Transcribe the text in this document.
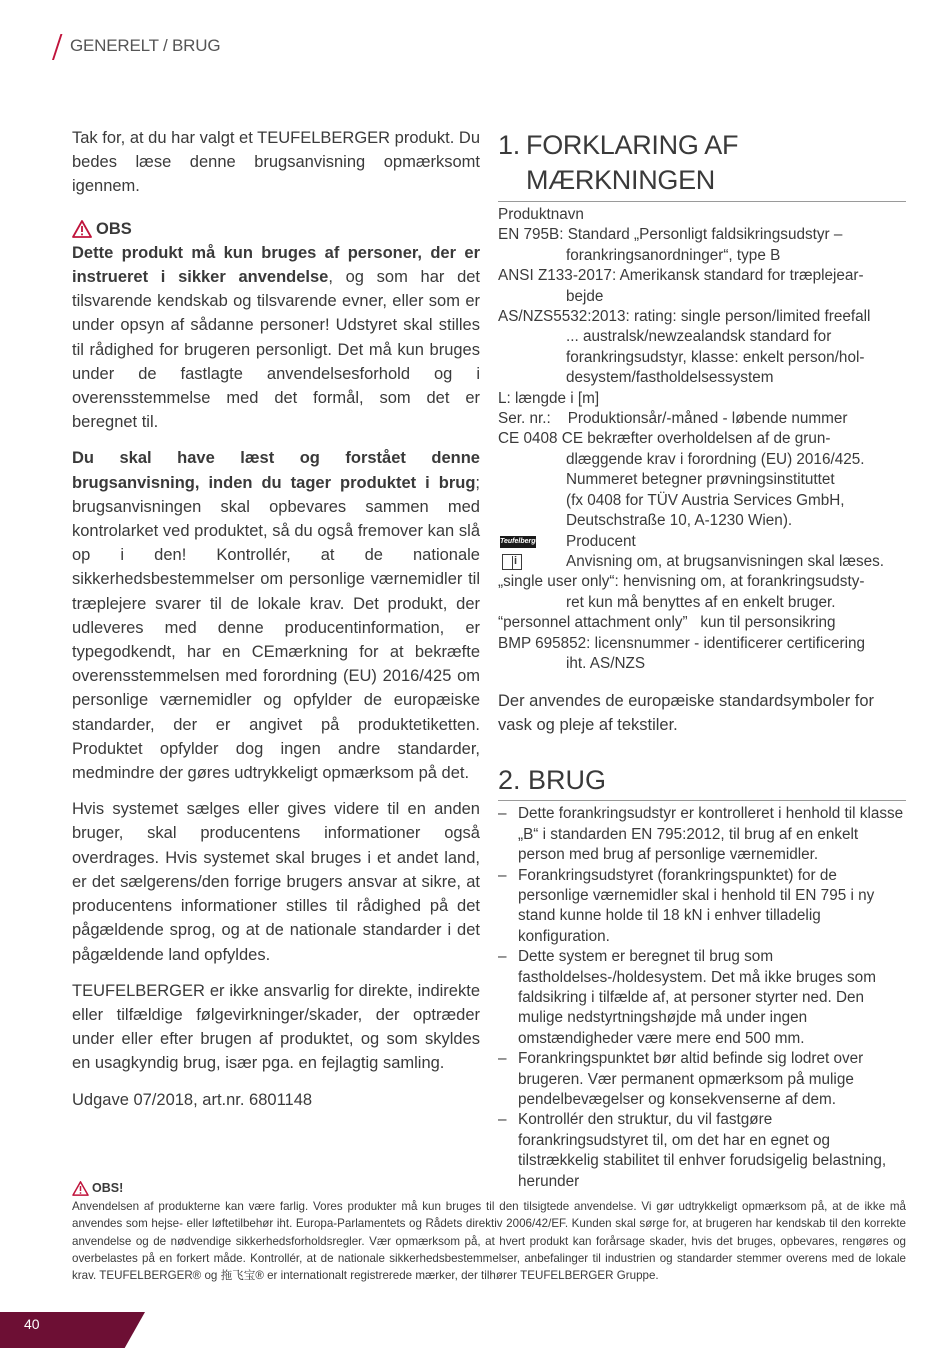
GENERELT / BRUG

Tak for, at du har valgt et TEUFELBERGER produkt. Du bedes læse denne brugsanvisning opmærksomt igennem.

OBS

Dette produkt må kun bruges af personer, der er instrueret i sikker anvendelse, og som har det tilsvarende kendskab og tilsvarende evner, eller som er under opsyn af sådanne personer! Udstyret skal stilles til rådighed for brugeren personligt. Det må kun bruges under de fastlagte anvendelsesforhold og i overensstemmelse med det formål, som det er beregnet til.

Du skal have læst og forstået denne brugsanvisning, inden du tager produktet i brug; brugsanvisningen skal opbevares sammen med kontrolarket ved produktet, så du også fremover kan slå op i den! Kontrollér, at de nationale sikkerhedsbestemmelser om personlige værnemidler til træplejere svarer til de lokale krav. Det produkt, der udleveres med denne producentinformation, er typegodkendt, har en CEmærkning for at bekræfte overensstemmelsen med forordning (EU) 2016/425 om personlige værnemidler og opfylder de europæiske standarder, der er angivet på produktetiketten. Produktet opfylder dog ingen andre standarder, medmindre der gøres udtrykkeligt opmærksom på det.

Hvis systemet sælges eller gives videre til en anden bruger, skal producentens informationer også overdrages. Hvis systemet skal bruges i et andet land, er det sælgerens/den forrige brugers ansvar at sikre, at producentens informationer stilles til rådighed på det pågældende sprog, og at de nationale standarder i det pågældende land opfyldes.

TEUFELBERGER er ikke ansvarlig for direkte, indirekte eller tilfældige følgevirkninger/skader, der optræder under eller efter brugen af produktet, og som skyldes en usagkyndig brug, især pga. en fejlagtig samling.

Udgave 07/2018, art.nr. 6801148

1. FORKLARING AF
MÆRKNINGEN
Produktnavn
EN 795B: Standard „Personligt faldsikringsudstyr –
forankringsanordninger“, type B
ANSI Z133-2017: Amerikansk standard for træplejear-
bejde
AS/NZS5532:2013: rating: single person/limited freefall
... australsk/newzealandsk standard for
forankringsudstyr, klasse: enkelt person/hol-
desystem/fastholdelsessystem
L: længde i [m]
Ser. nr.:    Produktionsår/-måned - løbende nummer
CE 0408 CE bekræfter overholdelsen af de grun-
dlæggende krav i forordning (EU) 2016/425.
Nummeret betegner prøvningsinstituttet
(fx 0408 for TÜV Austria Services GmbH,
Deutschstraße 10, A-1230 Wien).
Teufelberger Producent
i
Anvisning om, at brugsanvisningen skal læses.
„single user only“: henvisning om, at forankringsudsty-
ret kun må benyttes af en enkelt bruger.
“personnel attachment only”   kun til personsikring
BMP 695852: licensnummer - identificerer certificering
iht. AS/NZS

Der anvendes de europæiske standardsymboler for vask og pleje af tekstiler.

2. BRUG
– Dette forankringsudstyr er kontrolleret i henhold til klasse „B“ i standarden EN 795:2012, til brug af en enkelt person med brug af personlige værnemidler.
– Forankringsudstyret (forankringspunktet) for de personlige værnemidler skal i henhold til EN 795 i ny stand kunne holde til 18 kN i enhver tilladelig konfiguration.
– Dette system er beregnet til brug som fastholdelses-/holdesystem. Det må ikke bruges som faldsikring i tilfælde af, at personer styrter ned. Den mulige nedstyrtningshøjde må under ingen omstændigheder være mere end 500 mm.
– Forankringspunktet bør altid befinde sig lodret over brugeren. Vær permanent opmærksom på mulige pendelbevægelser og konsekvenserne af dem.
– Kontrollér den struktur, du vil fastgøre forankringsudstyret til, om det har en egnet og tilstrækkelig stabilitet til enhver forudsigelig belastning, herunder
OBS!
Anvendelsen af produkterne kan være farlig. Vores produkter må kun bruges til den tilsigtede anvendelse. Vi gør udtrykkeligt opmærksom på, at de ikke må anvendes som hejse- eller løftetilbehør iht. Europa-Parlamentets og Rådets direktiv 2006/42/EF. Kunden skal sørge for, at brugeren har kendskab til den korrekte anvendelse og de nødvendige sikkerhedsforholdsregler. Vær opmærksom på, at hvert produkt kan forårsage skader, hvis det bruges, opbevares, rengøres og overbelastes på en forkert måde. Kontrollér, at de nationale sikkerhedsbestemmelser, anbefalinger til industrien og standarder stemmer overens med de lokale krav. TEUFELBERGER® og 拖飞宝® er internationalt registrerede mærker, der tilhører TEUFELBERGER Gruppe.
40
